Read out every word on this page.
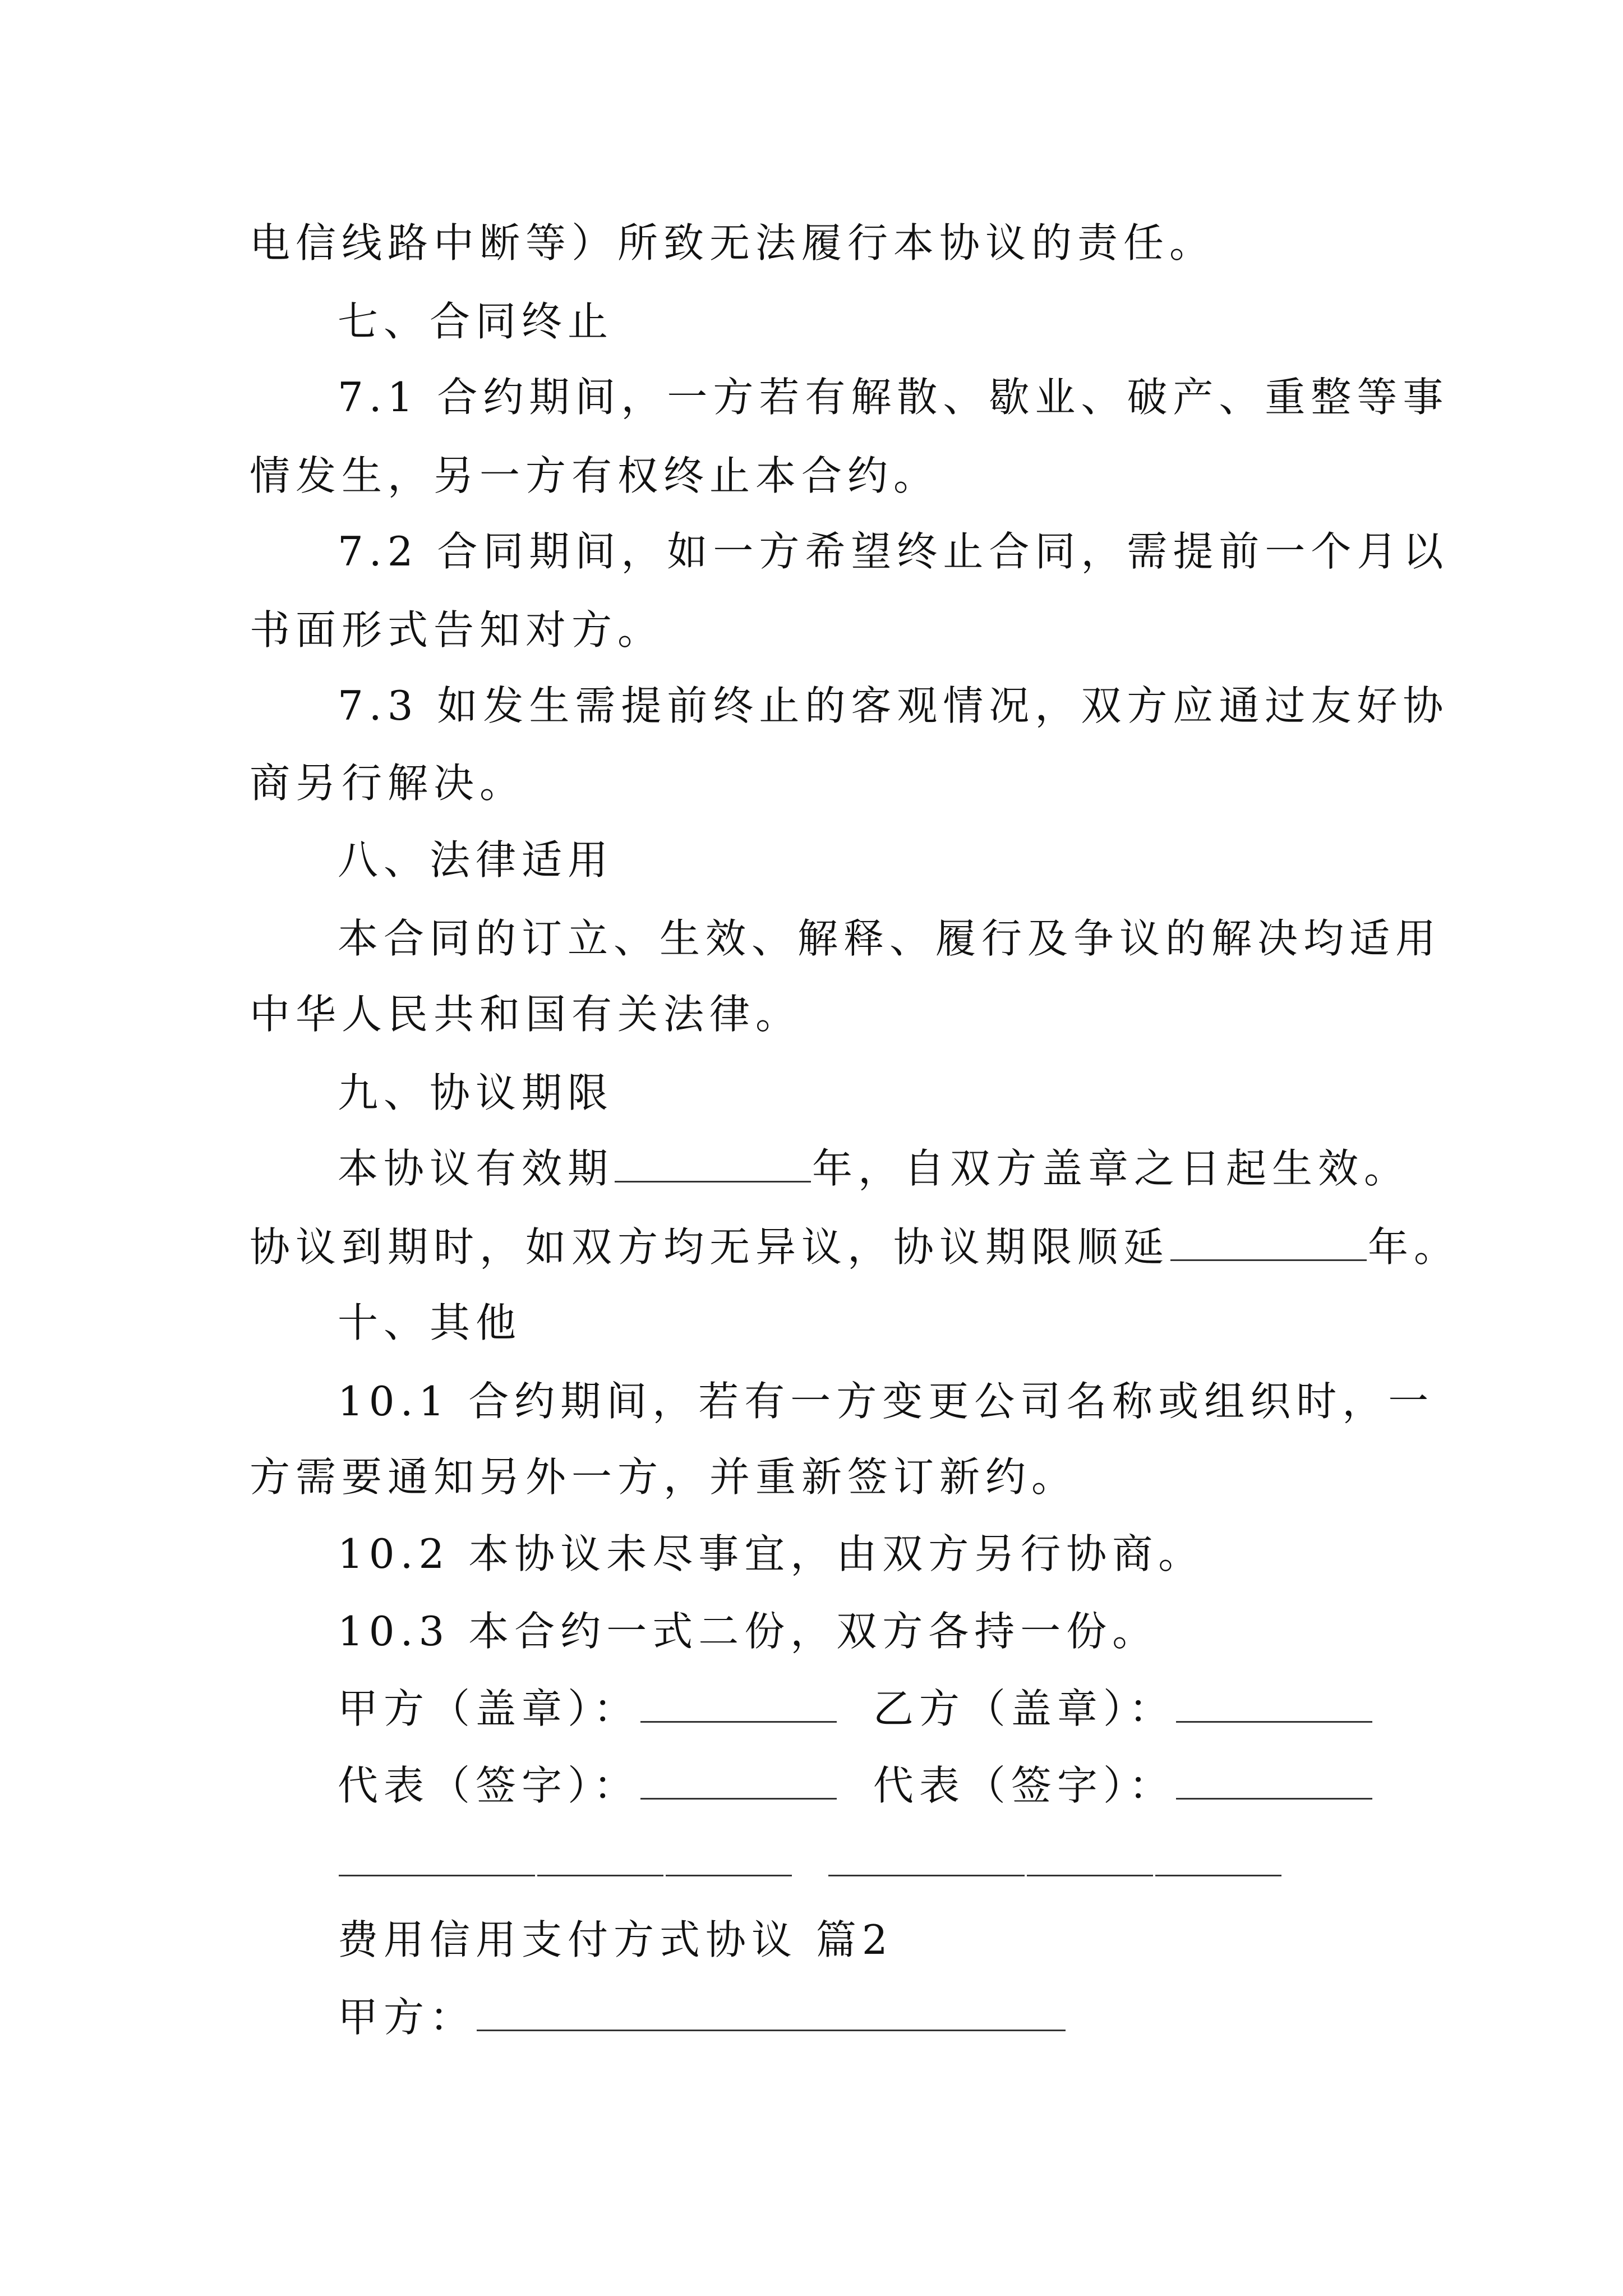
电信线路中断等）所致无法履行本协议的责任。
七、合同终止
7.1 合约期间，一方若有解散、歇业、破产、重整等事
情发生，另一方有权终止本合约。
7.2 合同期间，如一方希望终止合同，需提前一个月以
书面形式告知对方。
7.3 如发生需提前终止的客观情况，双方应通过友好协
商另行解决。
八、法律适用
本合同的订立、生效、解释、履行及争议的解决均适用
中华人民共和国有关法律。
九、协议期限
本协议有效期	年，自双方盖章之日起生效。
协议到期时，如双方均无异议，协议期限顺延	年。
十、其他
10.1 合约期间，若有一方变更公司名称或组织时，一
方需要通知另外一方，并重新签订新约。
10.2 本协议未尽事宜，由双方另行协商。
10.3 本合约一式二份，双方各持一份。
甲方（盖章）：	乙方（盖章）：
代表（签字）：	代表（签字）：

费用信用支付方式协议 篇2
甲方：
